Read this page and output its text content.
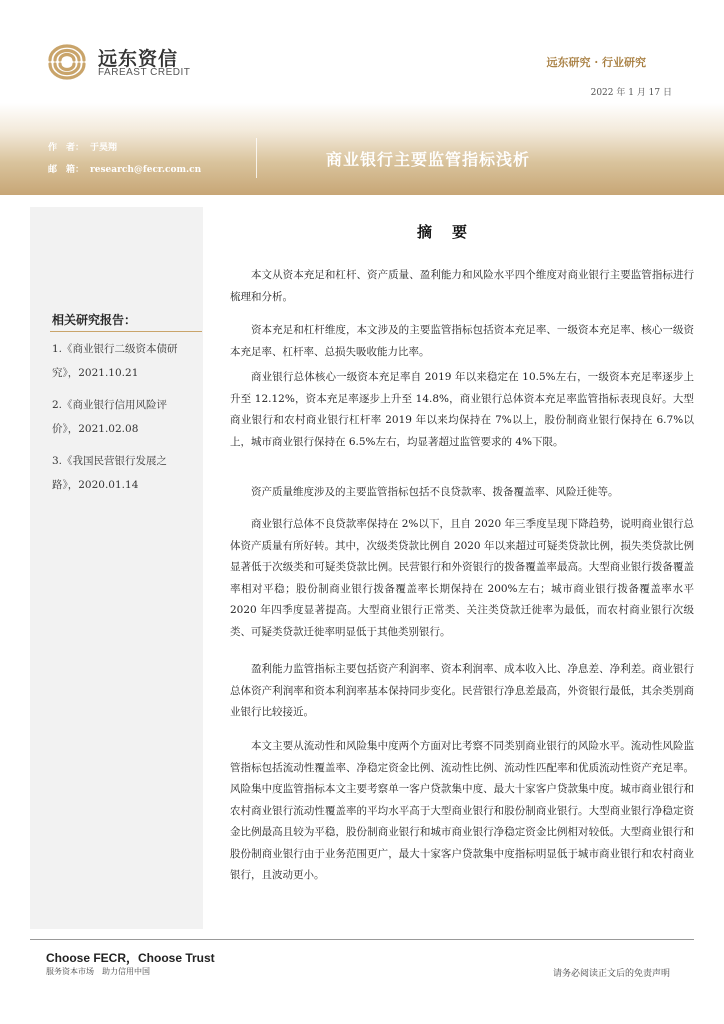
远东资信
FAREAST CREDIT
远东研究 · 行业研究
2022 年 1 月 17 日
作　者： 于昊翔
邮　箱： research@fecr.com.cn
商业银行主要监管指标浅析
相关研究报告：
1.《商业银行二级资本债研究》，2021.10.21
2.《商业银行信用风险评价》，2021.02.08
3.《我国民营银行发展之路》，2020.01.14
摘要

本文从资本充足和杠杆、资产质量、盈利能力和风险水平四个维度对商业银行主要监管指标进行梳理和分析。

资本充足和杠杆维度，本文涉及的主要监管指标包括资本充足率、一级资本充足率、核心一级资本充足率、杠杆率、总损失吸收能力比率。

商业银行总体核心一级资本充足率自 2019 年以来稳定在 10.5%左右，一级资本充足率逐步上升至 12.12%，资本充足率逐步上升至 14.8%，商业银行总体资本充足率监管指标表现良好。大型商业银行和农村商业银行杠杆率 2019 年以来均保持在 7%以上，股份制商业银行保持在 6.7%以上，城市商业银行保持在 6.5%左右，均显著超过监管要求的 4%下限。

资产质量维度涉及的主要监管指标包括不良贷款率、拨备覆盖率、风险迁徙等。

商业银行总体不良贷款率保持在 2%以下，且自 2020 年三季度呈现下降趋势，说明商业银行总体资产质量有所好转。其中，次级类贷款比例自 2020 年以来超过可疑类贷款比例，损失类贷款比例显著低于次级类和可疑类贷款比例。民营银行和外资银行的拨备覆盖率最高。大型商业银行拨备覆盖率相对平稳；股份制商业银行拨备覆盖率长期保持在 200%左右；城市商业银行拨备覆盖率水平 2020 年四季度显著提高。大型商业银行正常类、关注类贷款迁徙率为最低，而农村商业银行次级类、可疑类贷款迁徙率明显低于其他类别银行。

盈利能力监管指标主要包括资产利润率、资本利润率、成本收入比、净息差、净利差。商业银行总体资产利润率和资本利润率基本保持同步变化。民营银行净息差最高，外资银行最低，其余类别商业银行比较接近。

本文主要从流动性和风险集中度两个方面对比考察不同类别商业银行的风险水平。流动性风险监管指标包括流动性覆盖率、净稳定资金比例、流动性比例、流动性匹配率和优质流动性资产充足率。风险集中度监管指标本文主要考察单一客户贷款集中度、最大十家客户贷款集中度。城市商业银行和农村商业银行流动性覆盖率的平均水平高于大型商业银行和股份制商业银行。大型商业银行净稳定资金比例最高且较为平稳，股份制商业银行和城市商业银行净稳定资金比例相对较低。大型商业银行和股份制商业银行由于业务范围更广，最大十家客户贷款集中度指标明显低于城市商业银行和农村商业银行，且波动更小。

Choose FECR，Choose Trust
服务资本市场　助力信用中国	请务必阅读正文后的免责声明
